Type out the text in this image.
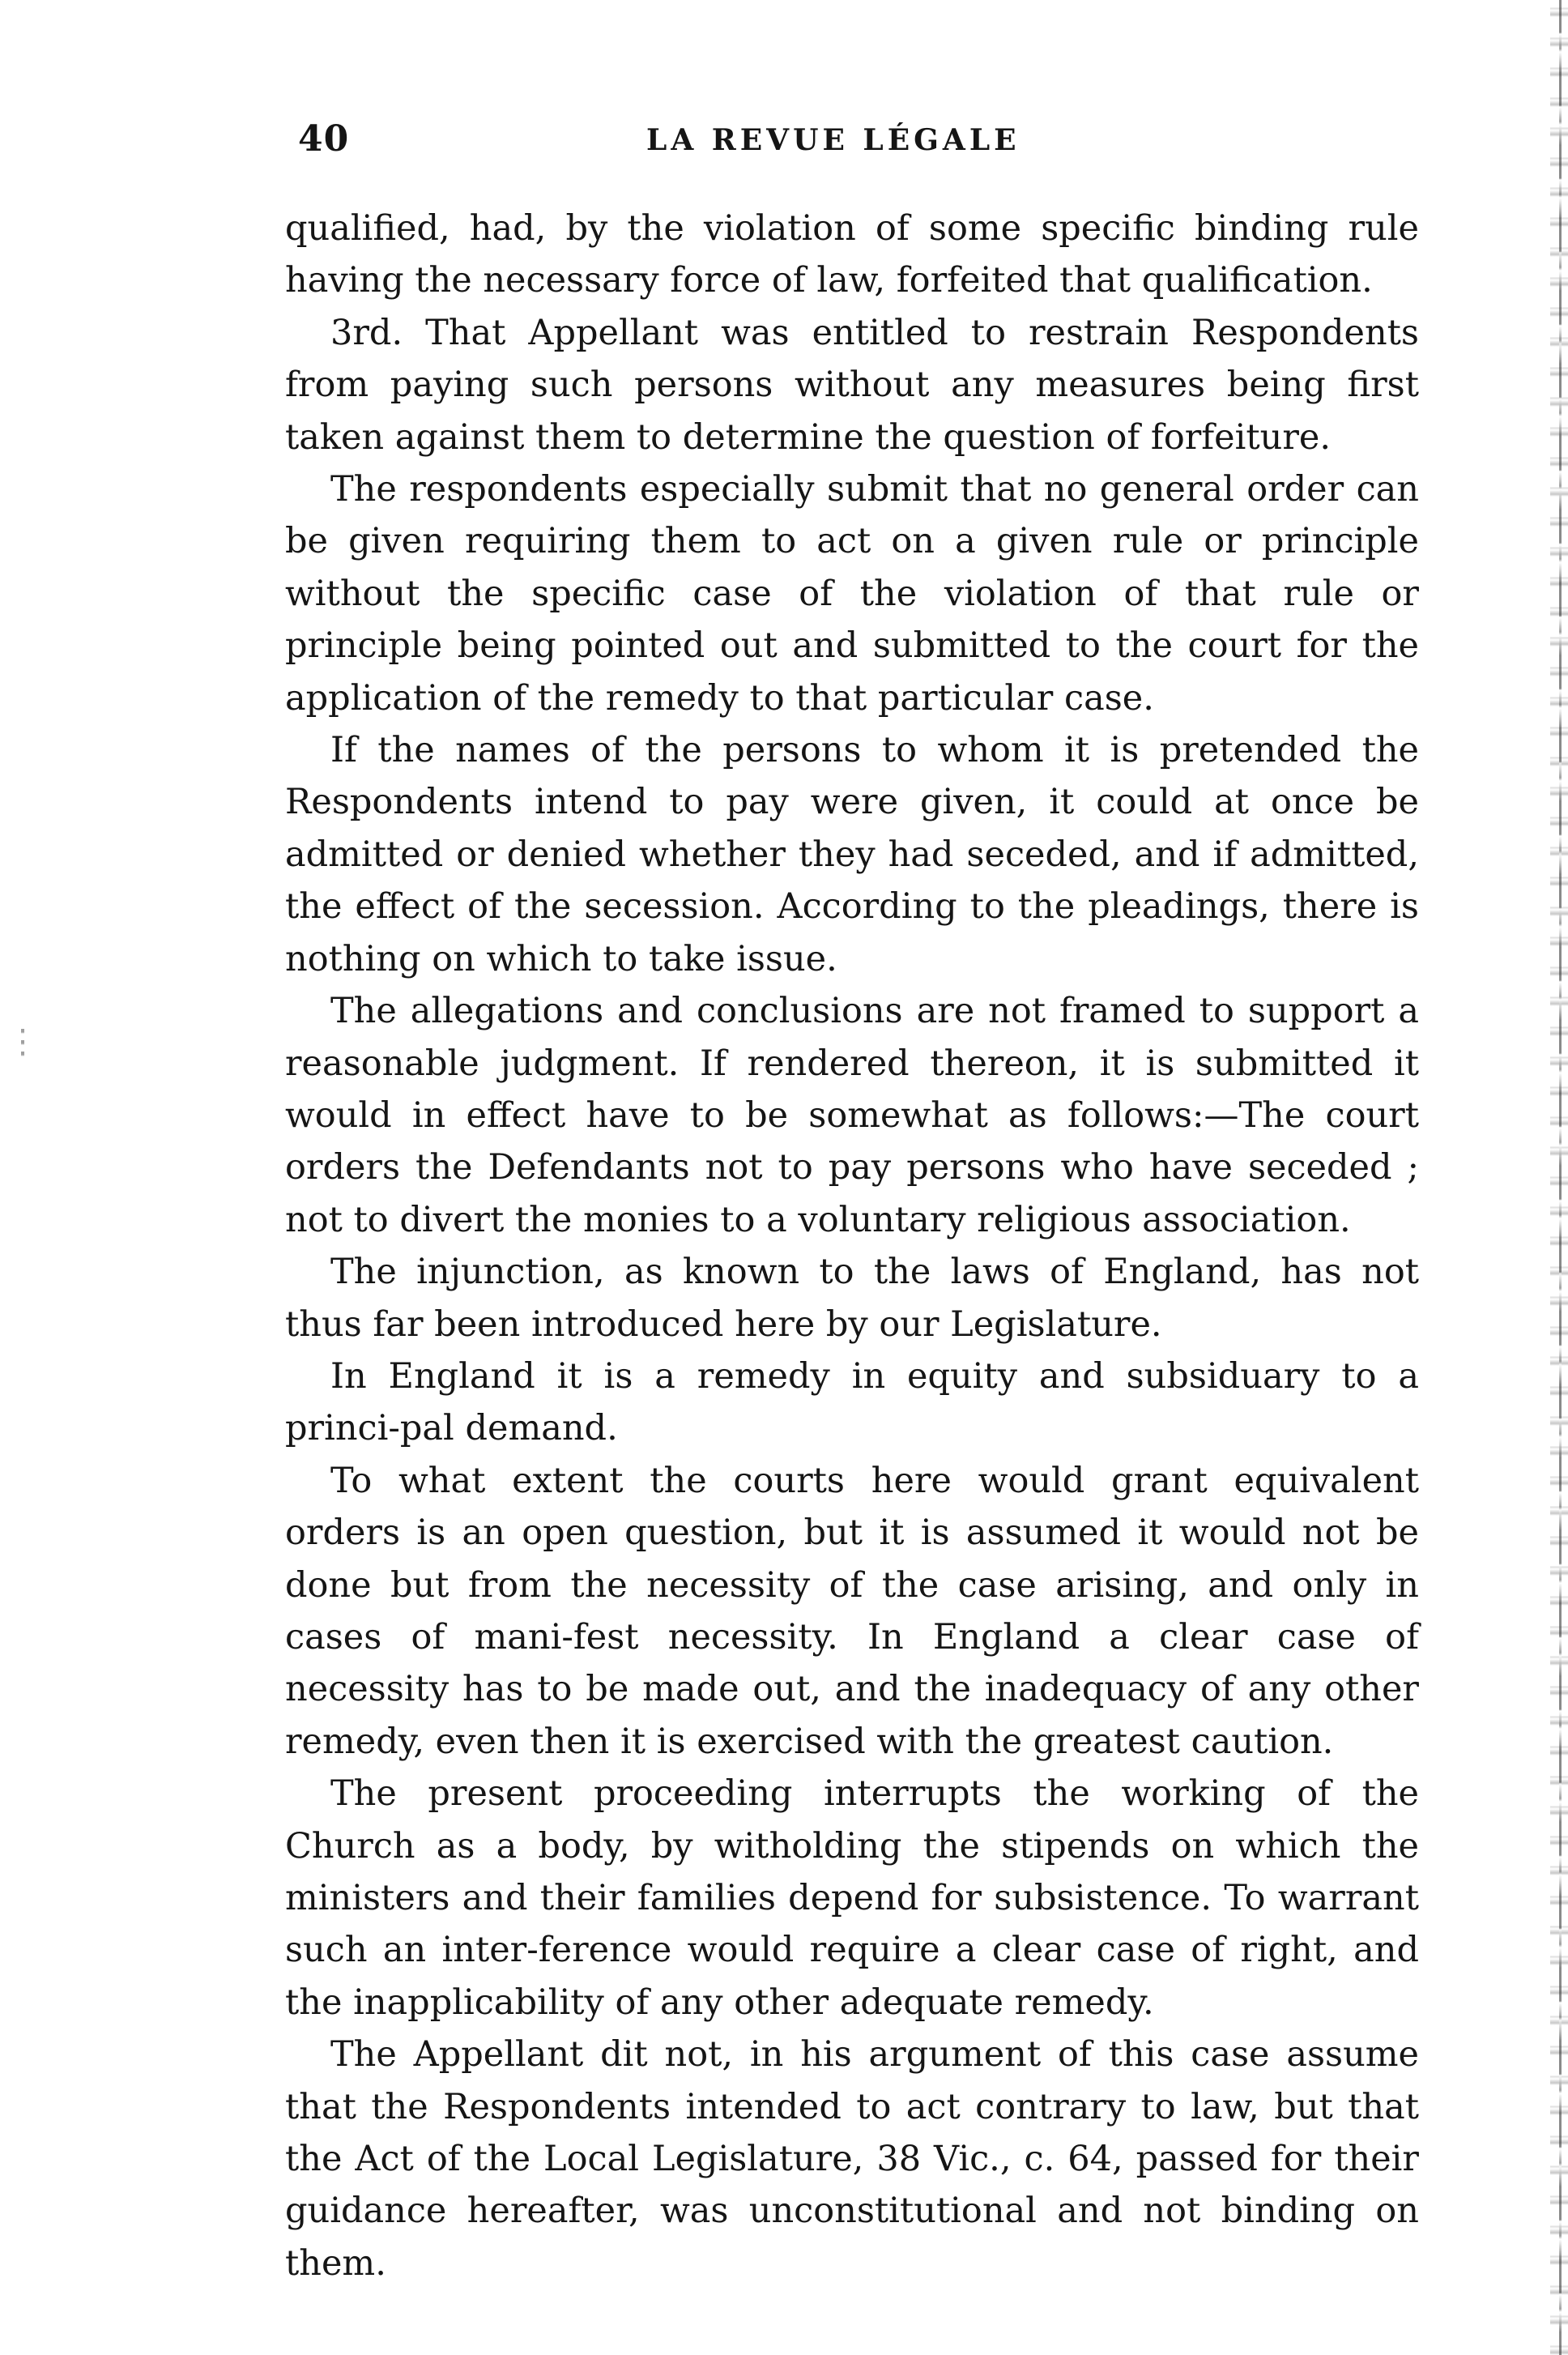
40	LA REVUE LÉGALE

qualified, had, by the violation of some specific binding rule having the necessary force of law, forfeited that qualification.

3rd. That Appellant was entitled to restrain Respondents from paying such persons without any measures being first taken against them to determine the question of forfeiture.

The respondents especially submit that no general order can be given requiring them to act on a given rule or principle without the specific case of the violation of that rule or principle being pointed out and submitted to the court for the application of the remedy to that particular case.

If the names of the persons to whom it is pretended the Respondents intend to pay were given, it could at once be admitted or denied whether they had seceded, and if admitted, the effect of the secession. According to the pleadings, there is nothing on which to take issue.

The allegations and conclusions are not framed to support a reasonable judgment. If rendered thereon, it is submitted it would in effect have to be somewhat as follows:—The court orders the Defendants not to pay persons who have seceded ; not to divert the monies to a voluntary religious association.

The injunction, as known to the laws of England, has not thus far been introduced here by our Legislature.

In England it is a remedy in equity and subsiduary to a princi-pal demand.

To what extent the courts here would grant equivalent orders is an open question, but it is assumed it would not be done but from the necessity of the case arising, and only in cases of mani-fest necessity. In England a clear case of necessity has to be made out, and the inadequacy of any other remedy, even then it is exercised with the greatest caution.

The present proceeding interrupts the working of the Church as a body, by witholding the stipends on which the ministers and their families depend for subsistence. To warrant such an inter-ference would require a clear case of right, and the inapplicability of any other adequate remedy.

The Appellant dit not, in his argument of this case assume that the Respondents intended to act contrary to law, but that the Act of the Local Legislature, 38 Vic., c. 64, passed for their guidance hereafter, was unconstitutional and not binding on them.
